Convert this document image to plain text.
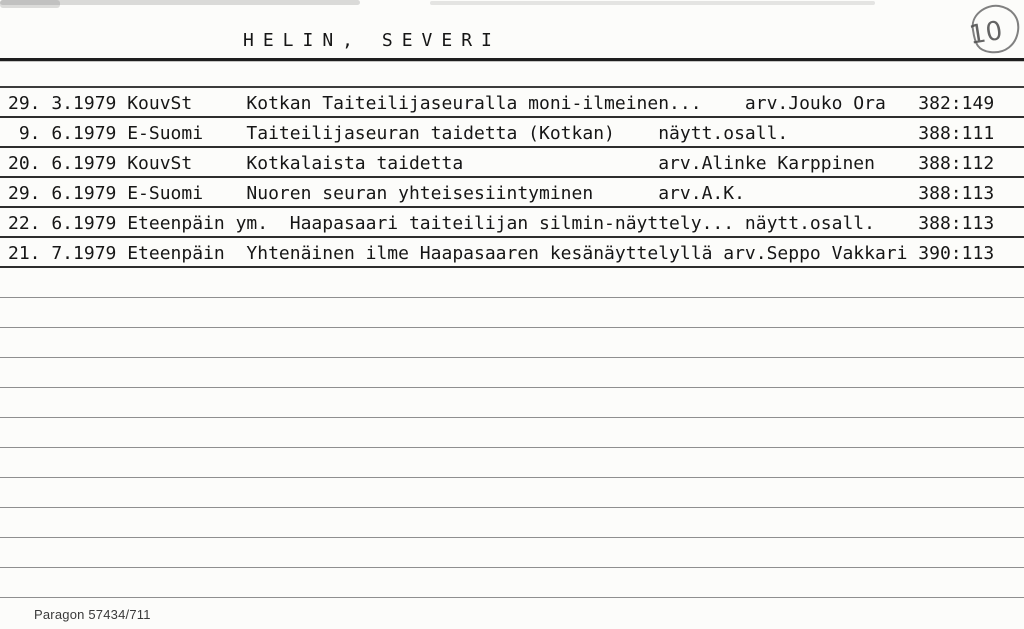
HELIN, SEVERI	10
29. 3.1979 KouvSt     Kotkan Taiteilijaseuralla moni-ilmeinen...    arv.Jouko Ora   382:149
9. 6.1979 E-Suomi    Taiteilijaseuran taidetta (Kotkan)    näytt.osall.            388:111
20. 6.1979 KouvSt     Kotkalaista taidetta                  arv.Alinke Karppinen    388:112
29. 6.1979 E-Suomi    Nuoren seuran yhteisesiintyminen      arv.A.K.                388:113
22. 6.1979 Eteenpäin ym.  Haapasaari taiteilijan silmin-näyttely... näytt.osall.    388:113
21. 7.1979 Eteenpäin  Yhtenäinen ilme Haapasaaren kesänäyttelyllä arv.Seppo Vakkari 390:113
Paragon 57434/711
